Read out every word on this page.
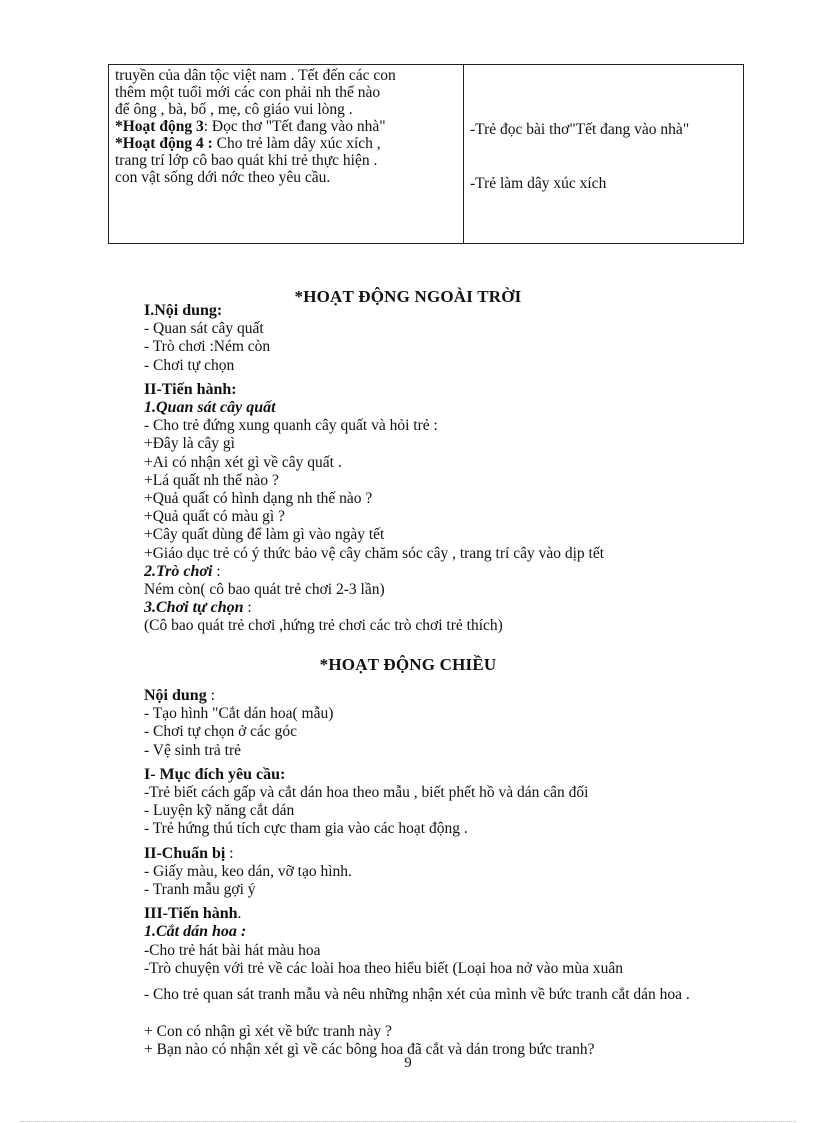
truyền của dân tộc việt nam . Tết đến các con

thêm một tuổi mới các con phải nh thế nào

để ông , bà, bố , mẹ, cô giáo vui lòng .

*Hoạt động 3: Đọc thơ "Tết đang vào nhà"

*Hoạt động 4 : Cho trẻ làm dây xúc xích ,

trang trí lớp cô bao quát khi trẻ thực hiện .

con vật sống dới nớc theo yêu cầu.

-Trẻ đọc bài thơ"Tết đang vào nhà"
-Trẻ làm dây xúc xích
*HOẠT ĐỘNG NGOÀI TRỜI

I.Nội dung:

- Quan sát cây quất

- Trò chơi :Ném còn

- Chơi tự chọn

II-Tiến hành:

1.Quan sát cây quất

- Cho trẻ đứng xung quanh cây quất và hỏi trẻ :

+Đây là cây gì

+Ai có nhận xét gì về cây quất .

+Lá quất nh thế nào ?

+Quả quất có hình dạng nh thế nào ?

+Quả quất có màu gì ?

+Cây quất dùng để làm gì vào ngày tết

+Giáo dục trẻ có ý thức bảo vệ cây chăm sóc cây , trang trí cây vào dịp tết

2.Trò chơi :

Ném còn( cô bao quát trẻ chơi 2-3 lần)

3.Chơi tự chọn :

(Cô bao quát trẻ chơi ,hứng trẻ chơi các trò chơi trẻ thích)

*HOẠT ĐỘNG CHIỀU

Nội dung :

- Tạo hình "Cắt dán hoa( mẫu)

- Chơi tự chọn ở các góc

- Vệ sinh trả trẻ

I- Mục đích yêu cầu:

-Trẻ biết cách gấp và cắt dán hoa theo mẫu , biết phết hồ và dán cân đối

- Luyện kỹ năng cắt dán

- Trẻ hứng thú tích cực tham gia vào các hoạt động .

II-Chuẩn bị :

- Giấy màu, keo dán, vỡ tạo hình.

- Tranh mẫu gợi ý

III-Tiến hành.

1.Cắt dán hoa :

-Cho trẻ hát bài hát màu hoa

-Trò chuyện với trẻ về các loài hoa theo hiểu biết (Loại hoa nở vào mùa xuân

- Cho trẻ quan sát tranh mẫu và nêu những nhận xét của mình về bức tranh cắt dán hoa .

+ Con có nhận gì xét về bức tranh này ?

+ Bạn nào có nhận xét gì về các bông hoa đã cắt và dán trong bức tranh?

9
